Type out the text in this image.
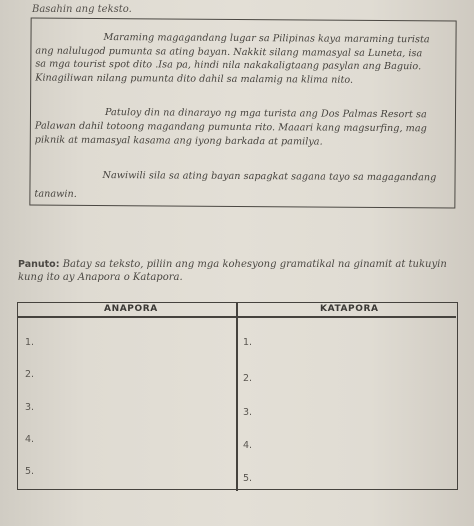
Basahin ang teksto.
Maraming magagandang lugar sa Pilipinas kaya maraming turista
ang nalulugod pumunta sa ating bayan. Nakkit silang mamasyal sa Luneta, isa
sa mga tourist spot dito .Isa pa, hindi nila nakakaligtaang pasylan ang Baguio.
Kinagiliwan nilang pumunta dito dahil sa malamig na klima nito.
Patuloy din na dinarayo ng mga turista ang Dos Palmas Resort sa
Palawan dahil totoong magandang pumunta rito. Maaari kang magsurfing, mag
piknik at mamasyal kasama ang iyong barkada at pamilya.
Nawiwili sila sa ating bayan sapagkat sagana tayo sa magagandang
tanawin.
Panuto: Batay sa teksto, piliin ang mga kohesyong gramatikal na ginamit at tukuyin kung ito ay Anapora o Katapora.
ANAPORA	KATAPORA
1.
2.
3.
4.
5.
1.
2.
3.
4.
5.
